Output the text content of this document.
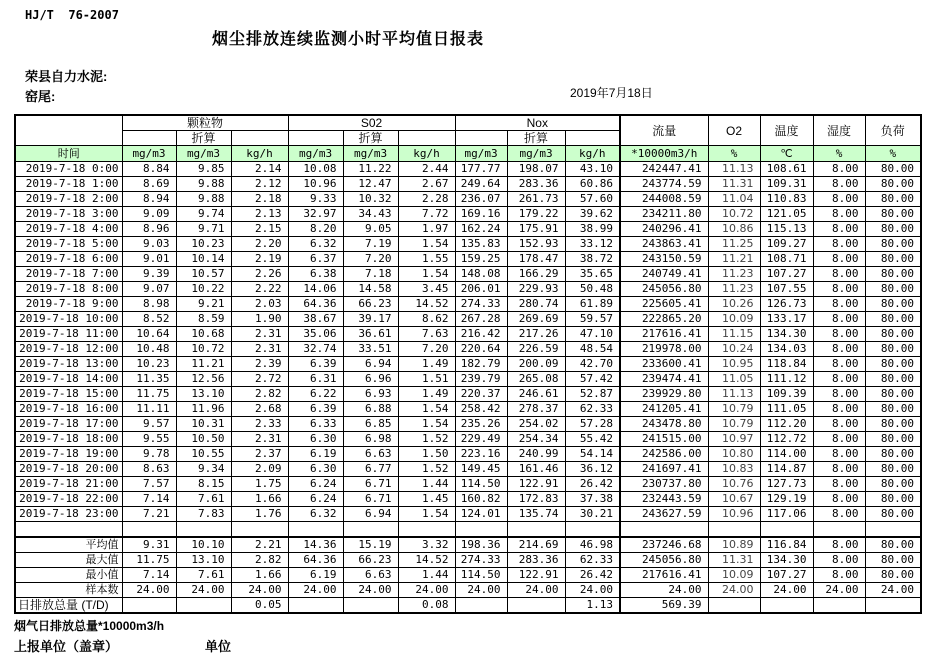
HJ/T  76-2007
烟尘排放连续监测小时平均值日报表
荣县自力水泥:
窑尾:	2019年7月18日
	颗粒物			S02			Nox			流量	O2	温度	湿度	负荷
		折算			折算			折算						
时间	mg/m3	mg/m3	kg/h	mg/m3	mg/m3	kg/h	mg/m3	mg/m3	kg/h	*10000m3/h	%	℃	%	%
2019-7-18 0:00	8.84	9.85	2.14	10.08	11.22	2.44	177.77	198.07	43.10	242447.41	11.13	108.61	8.00	80.00
2019-7-18 1:00	8.69	9.88	2.12	10.96	12.47	2.67	249.64	283.36	60.86	243774.59	11.31	109.31	8.00	80.00
2019-7-18 2:00	8.94	9.88	2.18	9.33	10.32	2.28	236.07	261.73	57.60	244008.59	11.04	110.83	8.00	80.00
2019-7-18 3:00	9.09	9.74	2.13	32.97	34.43	7.72	169.16	179.22	39.62	234211.80	10.72	121.05	8.00	80.00
2019-7-18 4:00	8.96	9.71	2.15	8.20	9.05	1.97	162.24	175.91	38.99	240296.41	10.86	115.13	8.00	80.00
2019-7-18 5:00	9.03	10.23	2.20	6.32	7.19	1.54	135.83	152.93	33.12	243863.41	11.25	109.27	8.00	80.00
2019-7-18 6:00	9.01	10.14	2.19	6.37	7.20	1.55	159.25	178.47	38.72	243150.59	11.21	108.71	8.00	80.00
2019-7-18 7:00	9.39	10.57	2.26	6.38	7.18	1.54	148.08	166.29	35.65	240749.41	11.23	107.27	8.00	80.00
2019-7-18 8:00	9.07	10.22	2.22	14.06	14.58	3.45	206.01	229.93	50.48	245056.80	11.23	107.55	8.00	80.00
2019-7-18 9:00	8.98	9.21	2.03	64.36	66.23	14.52	274.33	280.74	61.89	225605.41	10.26	126.73	8.00	80.00
2019-7-18 10:00	8.52	8.59	1.90	38.67	39.17	8.62	267.28	269.69	59.57	222865.20	10.09	133.17	8.00	80.00
2019-7-18 11:00	10.64	10.68	2.31	35.06	36.61	7.63	216.42	217.26	47.10	217616.41	11.15	134.30	8.00	80.00
2019-7-18 12:00	10.48	10.72	2.31	32.74	33.51	7.20	220.64	226.59	48.54	219978.00	10.24	134.03	8.00	80.00
2019-7-18 13:00	10.23	11.21	2.39	6.39	6.94	1.49	182.79	200.09	42.70	233600.41	10.95	118.84	8.00	80.00
2019-7-18 14:00	11.35	12.56	2.72	6.31	6.96	1.51	239.79	265.08	57.42	239474.41	11.05	111.12	8.00	80.00
2019-7-18 15:00	11.75	13.10	2.82	6.22	6.93	1.49	220.37	246.61	52.87	239929.80	11.13	109.39	8.00	80.00
2019-7-18 16:00	11.11	11.96	2.68	6.39	6.88	1.54	258.42	278.37	62.33	241205.41	10.79	111.05	8.00	80.00
2019-7-18 17:00	9.57	10.31	2.33	6.33	6.85	1.54	235.26	254.02	57.28	243478.80	10.79	112.20	8.00	80.00
2019-7-18 18:00	9.55	10.50	2.31	6.30	6.98	1.52	229.49	254.34	55.42	241515.00	10.97	112.72	8.00	80.00
2019-7-18 19:00	9.78	10.55	2.37	6.19	6.63	1.50	223.16	240.99	54.14	242586.00	10.80	114.00	8.00	80.00
2019-7-18 20:00	8.63	9.34	2.09	6.30	6.77	1.52	149.45	161.46	36.12	241697.41	10.83	114.87	8.00	80.00
2019-7-18 21:00	7.57	8.15	1.75	6.24	6.71	1.44	114.50	122.91	26.42	230737.80	10.76	127.73	8.00	80.00
2019-7-18 22:00	7.14	7.61	1.66	6.24	6.71	1.45	160.82	172.83	37.38	232443.59	10.67	129.19	8.00	80.00
2019-7-18 23:00	7.21	7.83	1.76	6.32	6.94	1.54	124.01	135.74	30.21	243627.59	10.96	117.06	8.00	80.00

平均值	9.31	10.10	2.21	14.36	15.19	3.32	198.36	214.69	46.98	237246.68	10.89	116.84	8.00	80.00
最大值	11.75	13.10	2.82	64.36	66.23	14.52	274.33	283.36	62.33	245056.80	11.31	134.30	8.00	80.00
最小值	7.14	7.61	1.66	6.19	6.63	1.44	114.50	122.91	26.42	217616.41	10.09	107.27	8.00	80.00
样本数	24.00	24.00	24.00	24.00	24.00	24.00	24.00	24.00	24.00	24.00	24.00	24.00	24.00	24.00
日排放总量 (T/D)			0.05			0.08			1.13	569.39				
烟气日排放总量*10000m3/h
上报单位（盖章）	单位
